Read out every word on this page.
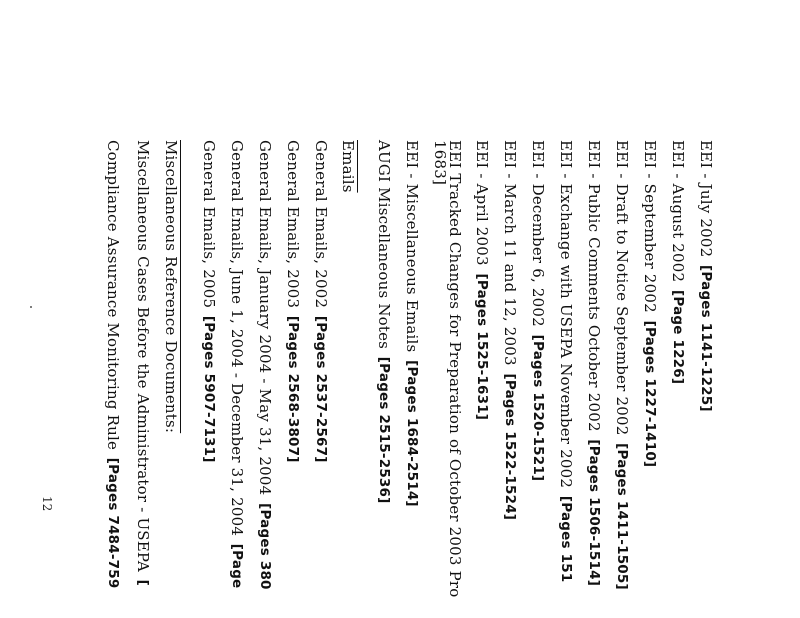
12
EEI - July 2002 [Pages 1141-1225]
EEI - August 2002 [Page 1226]
EEI - September 2002 [Pages 1227-1410]
EEI - Draft to Notice September 2002 [Pages 1411-1505]
EEI - Public Comments October 2002 [Pages 1506-1514]
EEI - Exchange with USEPA November 2002 [Pages 151
EEI - December 6, 2002 [Pages 1520-1521]
EEI - March 11 and 12, 2003 [Pages 1522-1524]
EEI - April 2003 [Pages 1525-1631]
EEI Tracked Changes for Preparation of October 2003 Pro
1683]
EEI - Miscellaneous Emails [Pages 1684-2514]
AUGI Miscellaneous Notes [Pages 2515-2536]
Emails
General Emails, 2002 [Pages 2537-2567]
General Emails, 2003 [Pages 2568-3807]
General Emails, January 2004 - May 31, 2004 [Pages 380
General Emails, June 1, 2004 - December 31, 2004 [Page
General Emails, 2005 [Pages 5907-7131]
Miscellaneous Reference Documents:
Miscellaneous Cases Before the Administrator - USEPA [
Compliance Assurance Monitoring Rule [Pages 7484-759
